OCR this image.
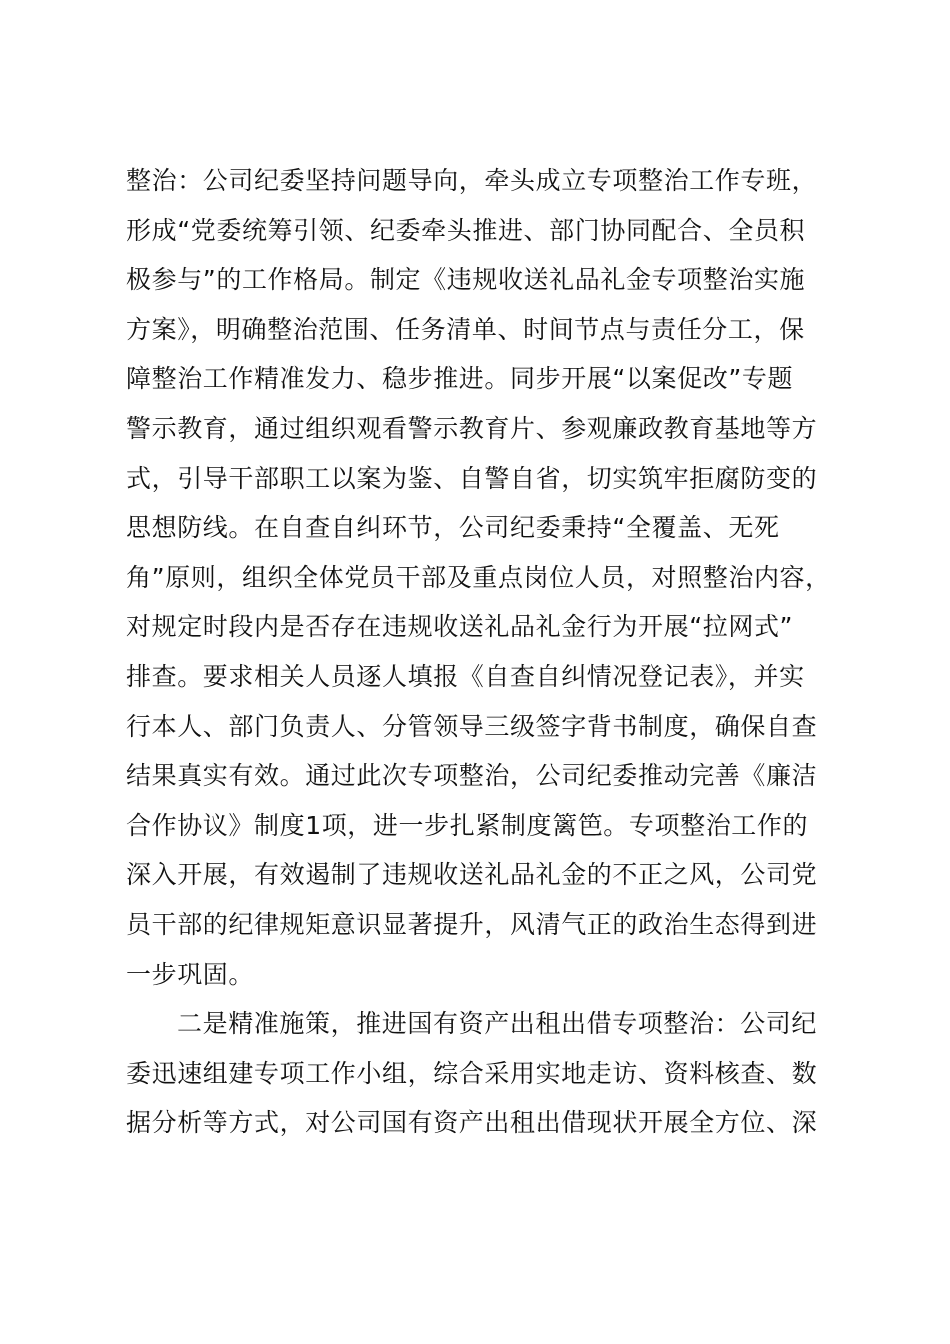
整治：公司纪委坚持问题导向，牵头成立专项整治工作专班，
形成“党委统筹引领、纪委牵头推进、部门协同配合、全员积
极参与”的工作格局。制定《违规收送礼品礼金专项整治实施
方案》，明确整治范围、任务清单、时间节点与责任分工，保
障整治工作精准发力、稳步推进。同步开展“以案促改”专题
警示教育，通过组织观看警示教育片、参观廉政教育基地等方
式，引导干部职工以案为鉴、自警自省，切实筑牢拒腐防变的
思想防线。在自查自纠环节，公司纪委秉持“全覆盖、无死
角”原则，组织全体党员干部及重点岗位人员，对照整治内容，
对规定时段内是否存在违规收送礼品礼金行为开展“拉网式”
排查。要求相关人员逐人填报《自查自纠情况登记表》，并实
行本人、部门负责人、分管领导三级签字背书制度，确保自查
结果真实有效。通过此次专项整治，公司纪委推动完善《廉洁
合作协议》制度1项，进一步扎紧制度篱笆。专项整治工作的
深入开展，有效遏制了违规收送礼品礼金的不正之风，公司党
员干部的纪律规矩意识显著提升，风清气正的政治生态得到进
一步巩固。
二是精准施策，推进国有资产出租出借专项整治：公司纪
委迅速组建专项工作小组，综合采用实地走访、资料核查、数
据分析等方式，对公司国有资产出租出借现状开展全方位、深
